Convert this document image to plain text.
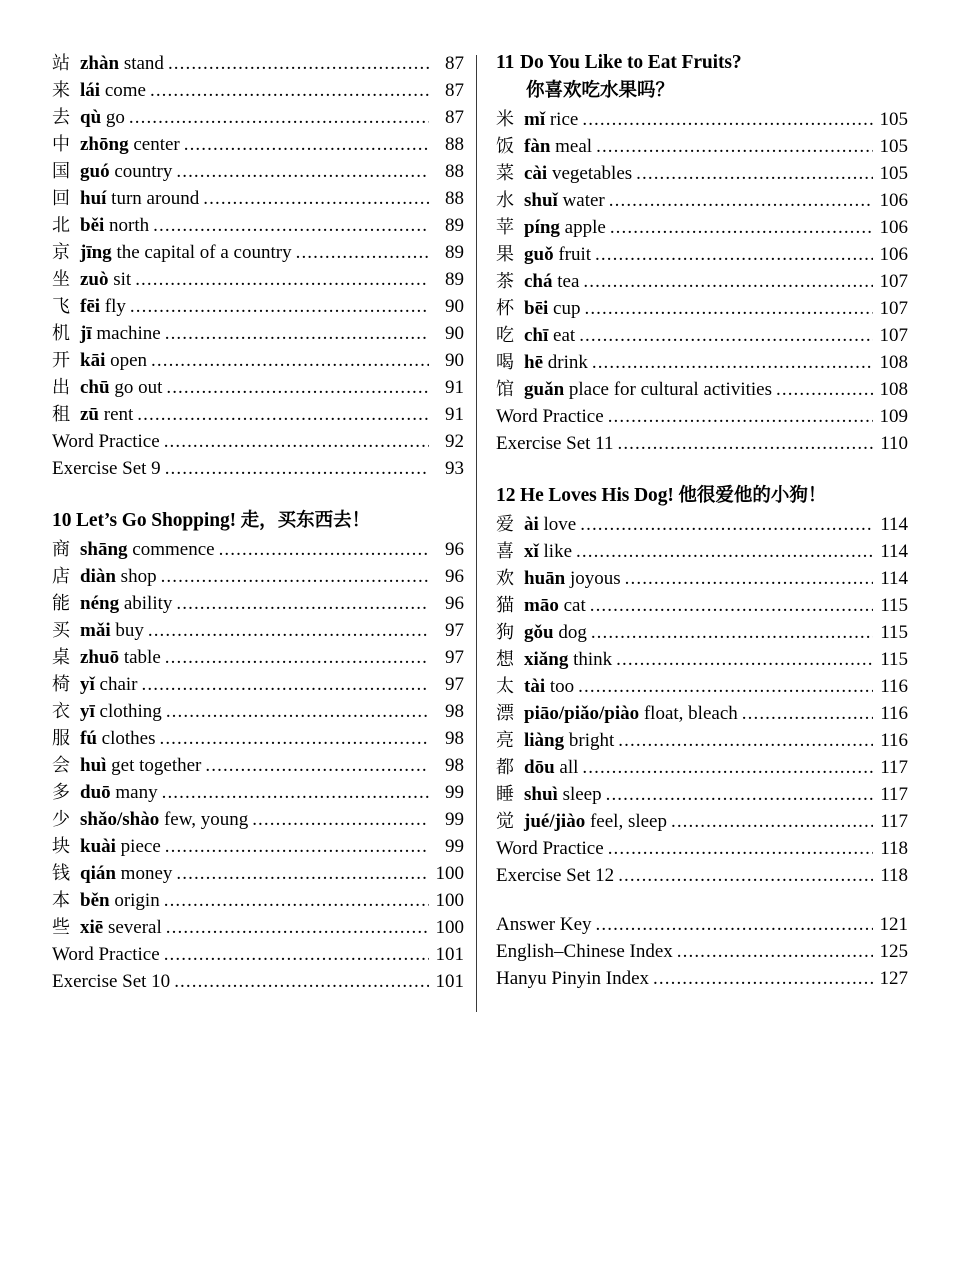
站 zhàn stand .....	87
来 lái come .....	87
去 qù go .....	87
中 zhōng center .....	88
国 guó country .....	88
回 huí turn around .....	88
北 běi north .....	89
京 jīng the capital of a country .....	89
坐 zuò sit .....	89
飞 fēi fly .....	90
机 jī machine .....	90
开 kāi open .....	90
出 chū go out .....	91
租 zū rent .....	91
Word Practice .....	92
Exercise Set 9 .....	93
10 Let’s Go Shopping! 走，买东西去！
商 shāng commence .....	96
店 diàn shop .....	96
能 néng ability .....	96
买 mǎi buy .....	97
桌 zhuō table .....	97
椅 yǐ chair .....	97
衣 yī clothing .....	98
服 fú clothes .....	98
会 huì get together .....	98
多 duō many .....	99
少 shǎo/shào few, young .....	99
块 kuài piece .....	99
钱 qián money .....	100
本 běn origin .....	100
些 xiē several .....	100
Word Practice .....	101
Exercise Set 10 .....	101
11 Do You Like to Eat Fruits?
你喜欢吃水果吗？
米 mǐ rice .....	105
饭 fàn meal .....	105
菜 cài vegetables .....	105
水 shuǐ water .....	106
苹 píng apple .....	106
果 guǒ fruit .....	106
茶 chá tea .....	107
杯 bēi cup .....	107
吃 chī eat .....	107
喝 hē drink .....	108
馆 guǎn place for cultural activities .....	108
Word Practice .....	109
Exercise Set 11 .....	110
12 He Loves His Dog! 他很爱他的小狗！
爱 ài love .....	114
喜 xǐ like .....	114
欢 huān joyous .....	114
猫 māo cat .....	115
狗 gǒu dog .....	115
想 xiǎng think .....	115
太 tài too .....	116
漂 piāo/piǎo/piào float, bleach .....	116
亮 liàng bright .....	116
都 dōu all .....	117
睡 shuì sleep .....	117
觉 jué/jiào feel, sleep .....	117
Word Practice .....	118
Exercise Set 12 .....	118
Answer Key .....	121
English–Chinese Index .....	125
Hanyu Pinyin Index .....	127
